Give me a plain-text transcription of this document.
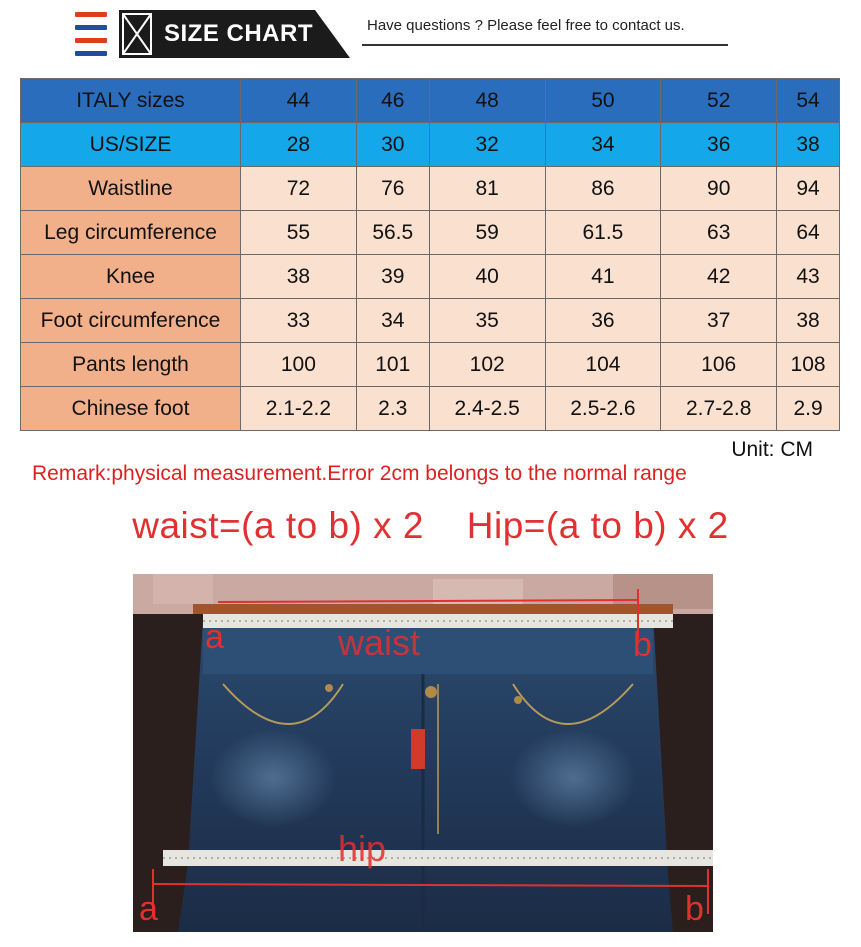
SIZE CHART	Have questions ? Please feel free to contact us.
ITALY sizes	44	46	48	50	52	54
US/SIZE	28	30	32	34	36	38
Waistline	72	76	81	86	90	94
Leg circumference	55	56.5	59	61.5	63	64
Knee	38	39	40	41	42	43
Foot circumference	33	34	35	36	37	38
Pants length	100	101	102	104	106	108
Chinese foot	2.1-2.2	2.3	2.4-2.5	2.5-2.6	2.7-2.8	2.9
Unit: CM
Remark:physical measurement.Error 2cm belongs to the normal range
waist=(a to b) x 2 Hip=(a to b) x 2
waist
hip
a	b
a	b
